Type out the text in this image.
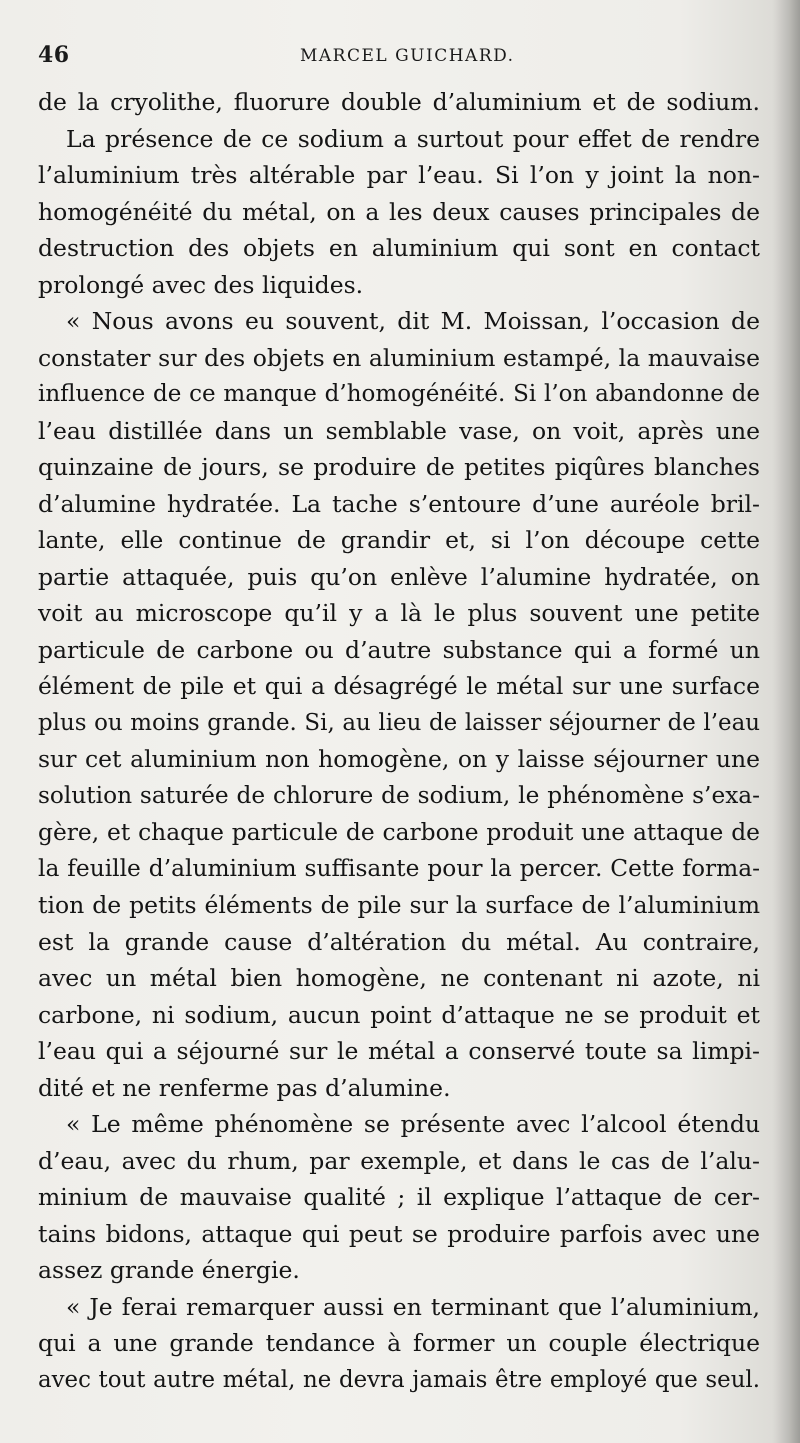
46	MARCEL GUICHARD.
de la cryolithe, fluorure double d’aluminium et de sodium.
La présence de ce sodium a surtout pour effet de rendre
l’aluminium très altérable par l’eau. Si l’on y joint la non-
homogénéité du métal, on a les deux causes principales de
destruction des objets en aluminium qui sont en contact
prolongé avec des liquides.
« Nous avons eu souvent, dit M. Moissan, l’occasion de
constater sur des objets en aluminium estampé, la mauvaise
influence de ce manque d’homogénéité. Si l’on abandonne de
l’eau distillée dans un semblable vase, on voit, après une
quinzaine de jours, se produire de petites piqûres blanches
d’alumine hydratée. La tache s’entoure d’une auréole bril-
lante, elle continue de grandir et, si l’on découpe cette
partie attaquée, puis qu’on enlève l’alumine hydratée, on
voit au microscope qu’il y a là le plus souvent une petite
particule de carbone ou d’autre substance qui a formé un
élément de pile et qui a désagrégé le métal sur une surface
plus ou moins grande. Si, au lieu de laisser séjourner de l’eau
sur cet aluminium non homogène, on y laisse séjourner une
solution saturée de chlorure de sodium, le phénomène s’exa-
gère, et chaque particule de carbone produit une attaque de
la feuille d’aluminium suffisante pour la percer. Cette forma-
tion de petits éléments de pile sur la surface de l’aluminium
est la grande cause d’altération du métal. Au contraire,
avec un métal bien homogène, ne contenant ni azote, ni
carbone, ni sodium, aucun point d’attaque ne se produit et
l’eau qui a séjourné sur le métal a conservé toute sa limpi-
dité et ne renferme pas d’alumine.
« Le même phénomène se présente avec l’alcool étendu
d’eau, avec du rhum, par exemple, et dans le cas de l’alu-
minium de mauvaise qualité ; il explique l’attaque de cer-
tains bidons, attaque qui peut se produire parfois avec une
assez grande énergie.
« Je ferai remarquer aussi en terminant que l’aluminium,
qui a une grande tendance à former un couple électrique
avec tout autre métal, ne devra jamais être employé que seul.
